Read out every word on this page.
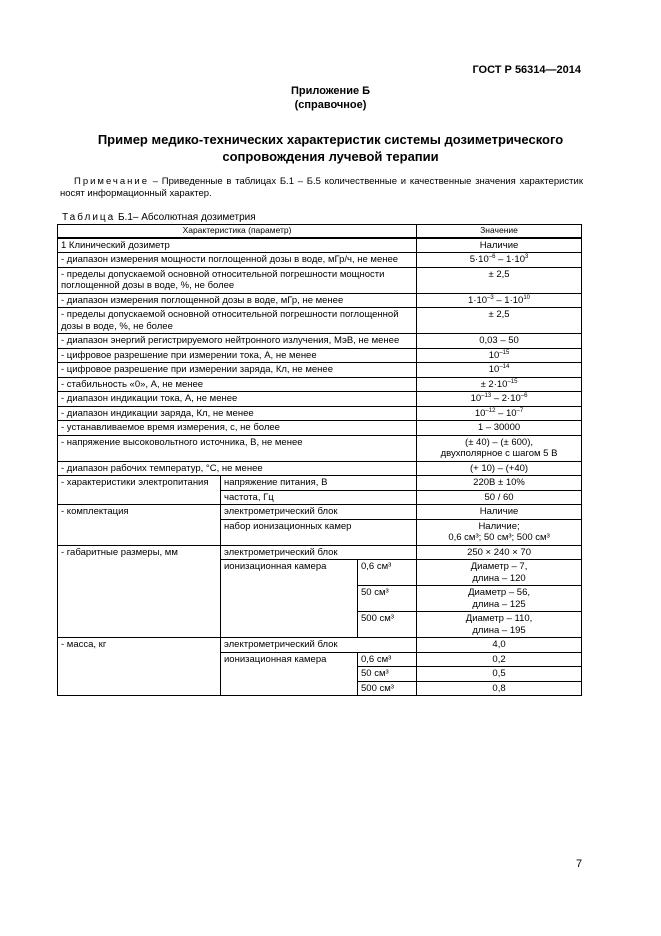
ГОСТ Р 56314—2014
Приложение Б
(справочное)
Пример медико-технических характеристик системы дозиметрического
сопровождения лучевой терапии
Примечание – Приведенные в таблицах Б.1 – Б.5 количественные и качественные значения характеристик носят информационный характер.
Таблица Б.1– Абсолютная дозиметрия
Характеристика (параметр)			Значение
1 Клинический дозиметр			Наличие
- диапазон измерения мощности поглощенной дозы в воде, мГр/ч, не менее			$5\cdot 10^{-6} - 1\cdot 10^3$
- пределы допускаемой основной относительной погрешности мощности поглощенной дозы в воде, %, не более			± 2,5
- диапазон измерения поглощенной дозы в воде, мГр, не менее			$1\cdot 10^{-3} - 1\cdot 10^{10}$
- пределы допускаемой основной относительной погрешности поглощенной дозы в воде, %, не более			± 2,5
- диапазон энергий регистрируемого нейтронного излучения, МэВ, не менее			0,03 – 50
- цифровое разрешение при измерении тока, А, не менее			$10^{-15}$
- цифровое разрешение при измерении заряда, Кл, не менее			$10^{-14}$
- стабильность «0», А, не менее			± $2\cdot 10^{-15}$
- диапазон индикации тока, А, не менее			$10^{-13} - 2\cdot 10^{-6}$
- диапазон индикации заряда, Кл, не менее			$10^{-12} - 10^{-7}$
- устанавливаемое время измерения, с, не более			1 – 30000
- напряжение высоковольтного источника, В, не менее			(± 40) – (± 600),
двухполярное с шагом 5 В

- диапазон рабочих температур, °С, не менее			(+ 10) – (+40)
- характеристики электропитания	напряжение питания, В		220В ± 10%
	частота, Гц		50 / 60
- комплектация	электрометрический блок		Наличие
	набор ионизационных камер		Наличие;
0,6 см³; 50 см³; 500 см³

- габаритные размеры, мм	электрометрический блок		250 × 240 × 70
	ионизационная камера	0,6 см³	Диаметр – 7,
длина – 120

		50 см³	Диаметр – 56,
длина – 125

		500 см³	Диаметр – 110,
длина – 195

- масса, кг	электрометрический блок		4,0
	ионизационная камера	0,6 см³	0,2
		50 см³	0,5
		500 см³	0,8
7
